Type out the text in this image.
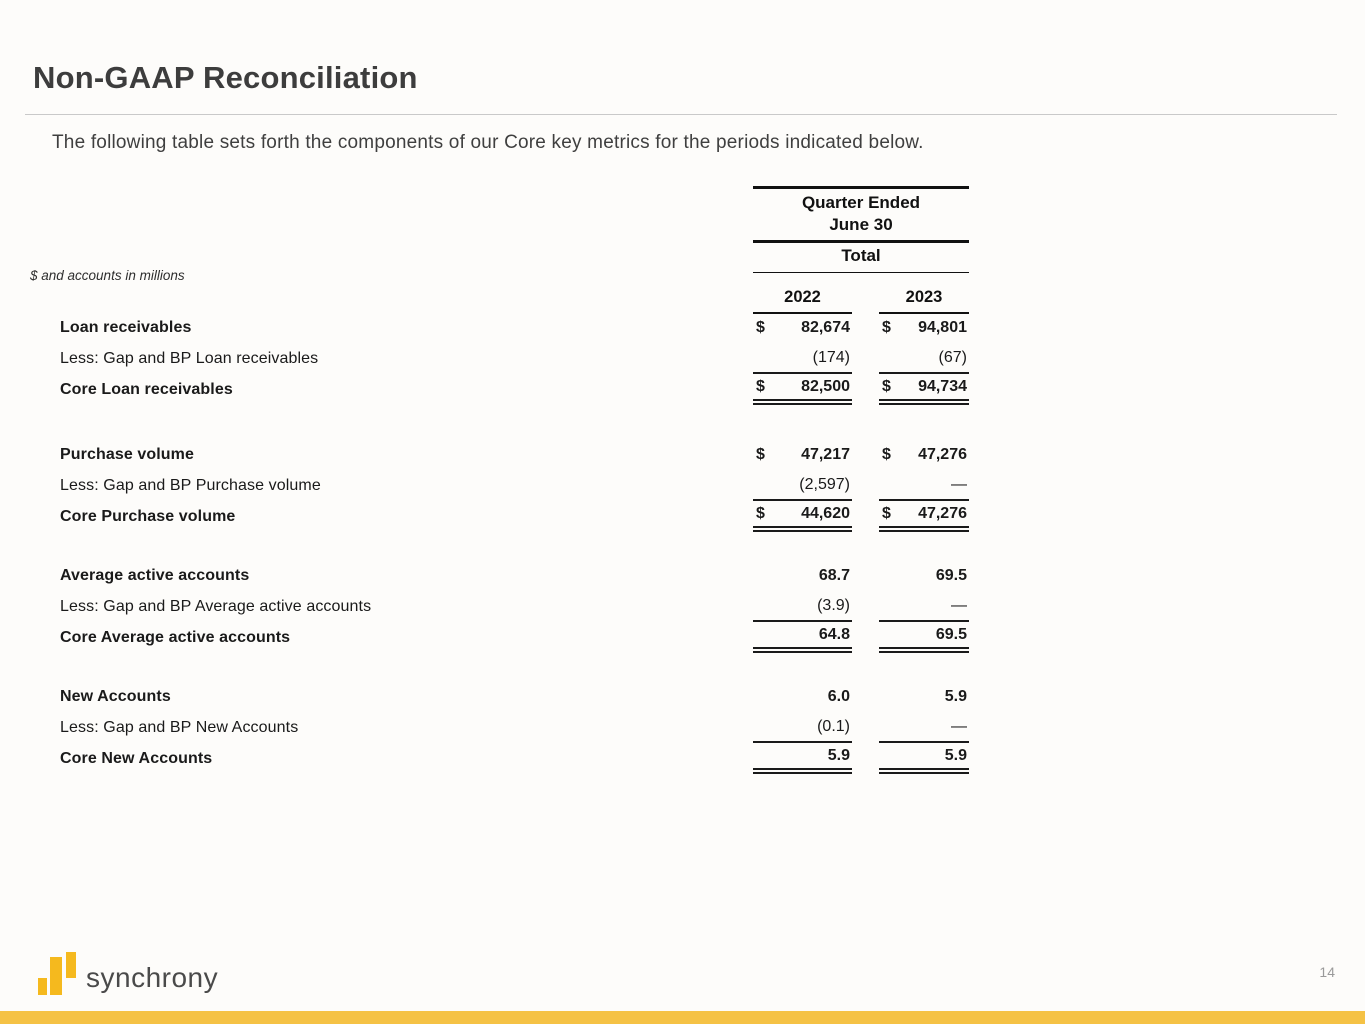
Non-GAAP Reconciliation

The following table sets forth the components of our Core key metrics for the periods indicated below.

$ and accounts in millions
Quarter Ended
June 30
Total
2022	2023
Loan receivables	$ 82,674 $ 94,801
Less: Gap and BP Loan receivables	(174)	(67)
Core Loan receivables	$ 82,500 $ 94,734
Purchase volume	$ 47,217 $ 47,276
Less: Gap and BP Purchase volume	(2,597)	—
Core Purchase volume	$ 44,620 $ 47,276
Average active accounts	68.7	69.5
Less: Gap and BP Average active accounts	(3.9)	—
Core Average active accounts	64.8	69.5
New Accounts	6.0	5.9
Less: Gap and BP New Accounts	(0.1)	—
Core New Accounts	5.9	5.9
synchrony	14
